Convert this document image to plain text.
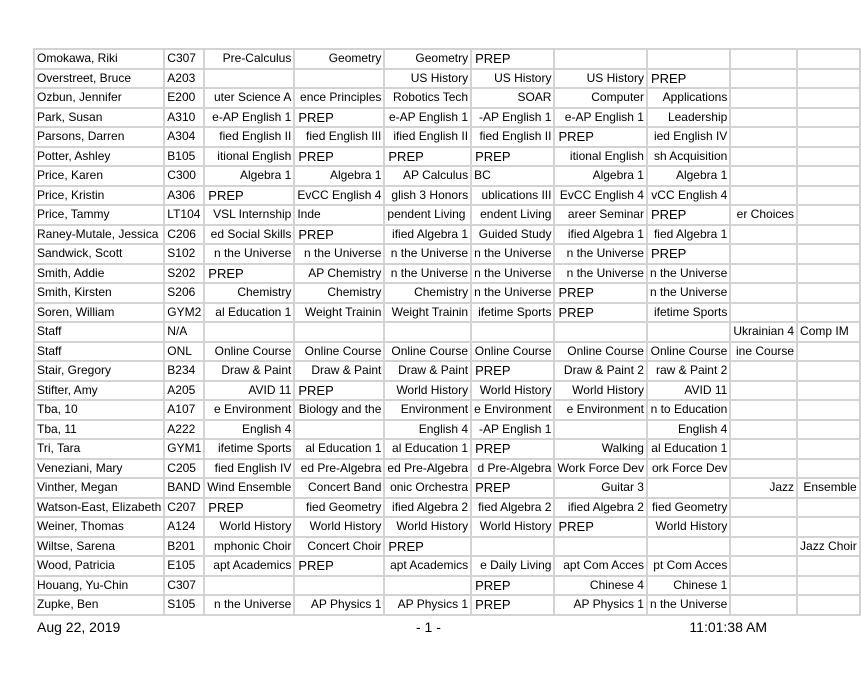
Omokawa, Riki	C307	Pre-Calculus	Geometry	Geometry	PREP				
Overstreet, Bruce	A203			US History	US History	US History	PREP		
Ozbun, Jennifer	E200	uter Science A	ence Principles	Robotics Tech	SOAR	Computer	Applications		
Park, Susan	A310	e-AP English 1	PREP	e-AP English 1	-AP English 1	e-AP English 1	Leadership		
Parsons, Darren	A304	fied English II	fied English III	ified English II	fied English II	PREP	ied English IV		
Potter, Ashley	B105	itional English	PREP	PREP	PREP	itional English	sh Acquisition		
Price, Karen	C300	Algebra 1	Algebra 1	AP Calculus	BC	Algebra 1	Algebra 1		
Price, Kristin	A306	PREP	EvCC English 4	glish 3 Honors	ublications III	EvCC English 4	vCC English 4		
Price, Tammy	LT104	VSL Internship	Inde	pendent Living	endent Living	areer Seminar	PREP	er Choices	
Raney-Mutale, Jessica	C206	ed Social Skills	PREP	ified Algebra 1	Guided Study	ified Algebra 1	fied Algebra 1		
Sandwick, Scott	S102	n the Universe	n the Universe	n the Universe	n the Universe	n the Universe	PREP		
Smith, Addie	S202	PREP	AP Chemistry	n the Universe	n the Universe	n the Universe	n the Universe		
Smith, Kirsten	S206	Chemistry	Chemistry	Chemistry	n the Universe	PREP	n the Universe		
Soren, William	GYM2	al Education 1	Weight Trainin	Weight Trainin	ifetime Sports	PREP	ifetime Sports		
Staff	N/A							Ukrainian 4	Comp IM
Staff	ONL	Online Course	Online Course	Online Course	Online Course	Online Course	Online Course	ine Course	
Stair, Gregory	B234	Draw & Paint	Draw & Paint	Draw & Paint	PREP	Draw & Paint 2	raw & Paint 2		
Stifter, Amy	A205	AVID 11	PREP	World History	World History	World History	AVID 11		
Tba, 10	A107	e Environment	Biology and the	Environment	e Environment	e Environment	n to Education		
Tba, 11	A222	English 4		English 4	-AP English 1		English 4		
Tri, Tara	GYM1	ifetime Sports	al Education 1	al Education 1	PREP	Walking	al Education 1		
Veneziani, Mary	C205	fied English IV	ed Pre-Algebra	ed Pre-Algebra	d Pre-Algebra	Work Force Dev	ork Force Dev		
Vinther, Megan	BAND	Wind Ensemble	Concert Band	onic Orchestra	PREP	Guitar 3		Jazz	Ensemble
Watson-East, Elizabeth	C207	PREP	fied Geometry	ified Algebra 2	fied Algebra 2	ified Algebra 2	fied Geometry		
Weiner, Thomas	A124	World History	World History	World History	World History	PREP	World History		
Wiltse, Sarena	B201	mphonic Choir	Concert Choir	PREP					Jazz Choir
Wood, Patricia	E105	apt Academics	PREP	apt Academics	e Daily Living	apt Com Acces	pt Com Acces		
Houang, Yu-Chin	C307				PREP	Chinese 4	Chinese 1		
Zupke, Ben	S105	n the Universe	AP Physics 1	AP Physics 1	PREP	AP Physics 1	n the Universe		
Aug 22, 2019	- 1 -	11:01:38 AM
